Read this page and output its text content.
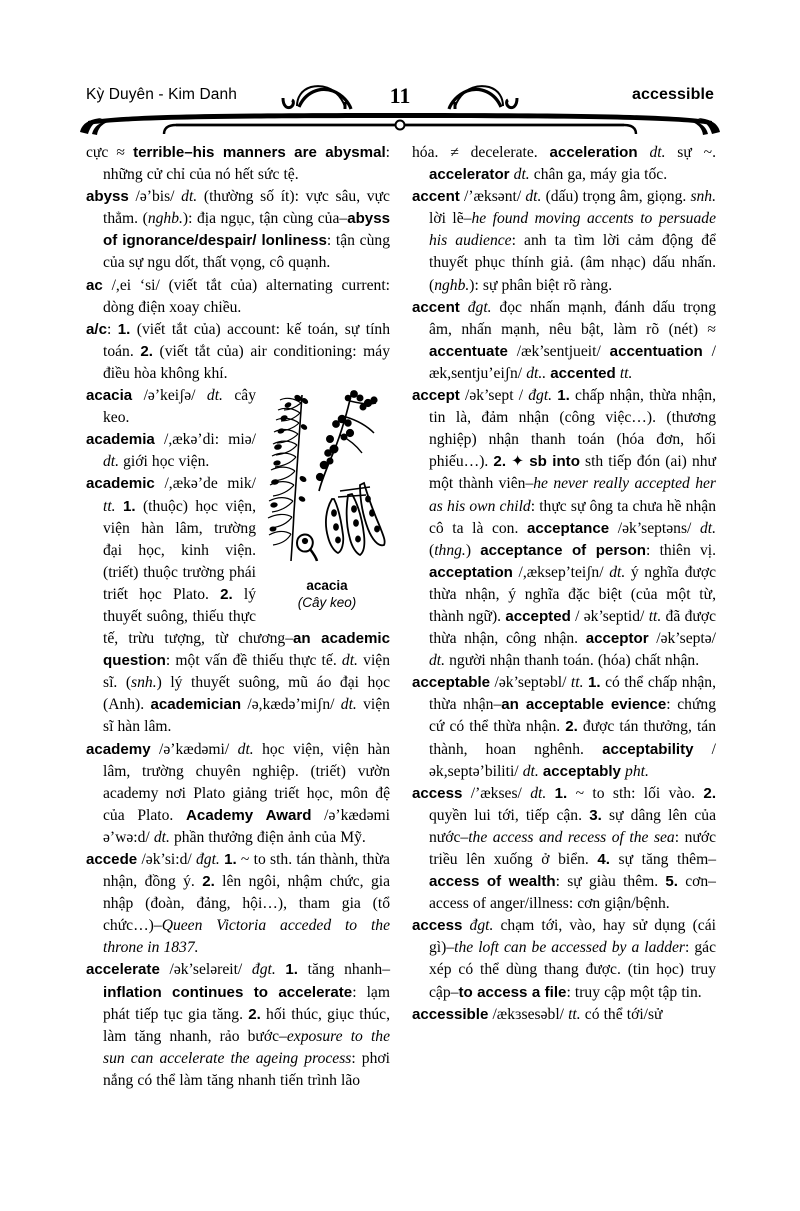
Kỳ Duyên - Kim Danh	11	accessible

cực ≈ terrible–his manners are abysmal: những cử chỉ của nó hết sức tệ.

abyss /ə’bis/ dt. (thường số ít): vực sâu, vực thẳm. (nghb.): địa ngục, tận cùng của–abyss of ignorance/despair/ lonliness: tận cùng của sự ngu dốt, thất vọng, cô quạnh.

ac /,ei ‘si/ (viết tắt của) alternating current: dòng điện xoay chiều.

a/c: 1. (viết tắt của) account: kế toán, sự tính toán. 2. (viết tắt của) air conditioning: máy điều hòa không khí.

acacia
(Cây keo)

acacia /ə’keiʃə/ dt. cây keo.

academia /,ækə’di: miə/ dt. giới học viện.

academic /,ækə’de mik/ tt. 1. (thuộc) học viện, viện hàn lâm, trường đại học, kinh viện. (triết) thuộc trường phái triết học Plato. 2. lý thuyết suông, thiếu thực tế, trừu tượng, từ chương–an academic question: một vấn đề thiếu thực tế. dt. viện sĩ. (snh.) lý thuyết suông, mũ áo đại học (Anh). academician /ə,kædə’miʃn/ dt. viện sĩ hàn lâm.

academy /ə’kædəmi/ dt. học viện, viện hàn lâm, trường chuyên nghiệp. (triết) vườn academy nơi Plato giảng triết học, môn đệ của Plato. Academy Award /ə’kædəmi ə’wə:d/ dt. phần thưởng điện ảnh của Mỹ.

accede /ək’si:d/ đgt. 1. ~ to sth. tán thành, thừa nhận, đồng ý. 2. lên ngôi, nhậm chức, gia nhập (đoàn, đảng, hội…), tham gia (tổ chức…)–Queen Victoria acceded to the throne in 1837.

accelerate /ək’seləreit/ đgt. 1. tăng nhanh–inflation continues to accelerate: lạm phát tiếp tục gia tăng. 2. hối thúc, giục thúc, làm tăng nhanh, rảo bước–exposure to the sun can accelerate the ageing process: phơi nắng có thể làm tăng nhanh tiến trình lão

hóa. ≠ decelerate. acceleration dt. sự ~. accelerator dt. chân ga, máy gia tốc.

accent /’æksənt/ dt. (dấu) trọng âm, giọng. snh. lời lẽ–he found moving accents to persuade his audience: anh ta tìm lời cảm động để thuyết phục thính giả. (âm nhạc) dấu nhấn. (nghb.): sự phân biệt rõ ràng.

accent đgt. đọc nhấn mạnh, đánh dấu trọng âm, nhấn mạnh, nêu bật, làm rõ (nét) ≈ accentuate /æk’sentjueit/ accentuation /æk,sentju’eiʃn/ dt.. accented tt.

accept /ək’sept / đgt. 1. chấp nhận, thừa nhận, tin là, đảm nhận (công việc…). (thương nghiệp) nhận thanh toán (hóa đơn, hối phiếu…). 2. ✦ sb into sth tiếp đón (ai) như một thành viên–he never really accepted her as his own child: thực sự ông ta chưa hề nhận cô ta là con. acceptance /ək’septəns/ dt. (thng.) acceptance of person: thiên vị. acceptation /,æksep’teiʃn/ dt. ý nghĩa được thừa nhận, ý nghĩa đặc biệt (của một từ, thành ngữ). accepted / ək’septid/ tt. đã được thừa nhận, công nhận. acceptor /ək’septə/ dt. người nhận thanh toán. (hóa) chất nhận.

acceptable /ək’septəbl/ tt. 1. có thể chấp nhận, thừa nhận–an acceptable evience: chứng cứ có thể thừa nhận. 2. được tán thưởng, tán thành, hoan nghênh. acceptability /ək,septə’biliti/ dt. acceptably pht.

access /’ækses/ dt. 1. ~ to sth: lối vào. 2. quyền lui tới, tiếp cận. 3. sự dâng lên của nước–the access and recess of the sea: nước triều lên xuống ở biển. 4. sự tăng thêm–access of wealth: sự giàu thêm. 5. cơn–access of anger/illness: cơn giận/bệnh.

access đgt. chạm tới, vào, hay sử dụng (cái gì)–the loft can be accessed by a ladder: gác xép có thể dùng thang được. (tin học) truy cập–to access a file: truy cập một tập tin.

accessible /ækɜsesəbl/ tt. có thể tới/sử
